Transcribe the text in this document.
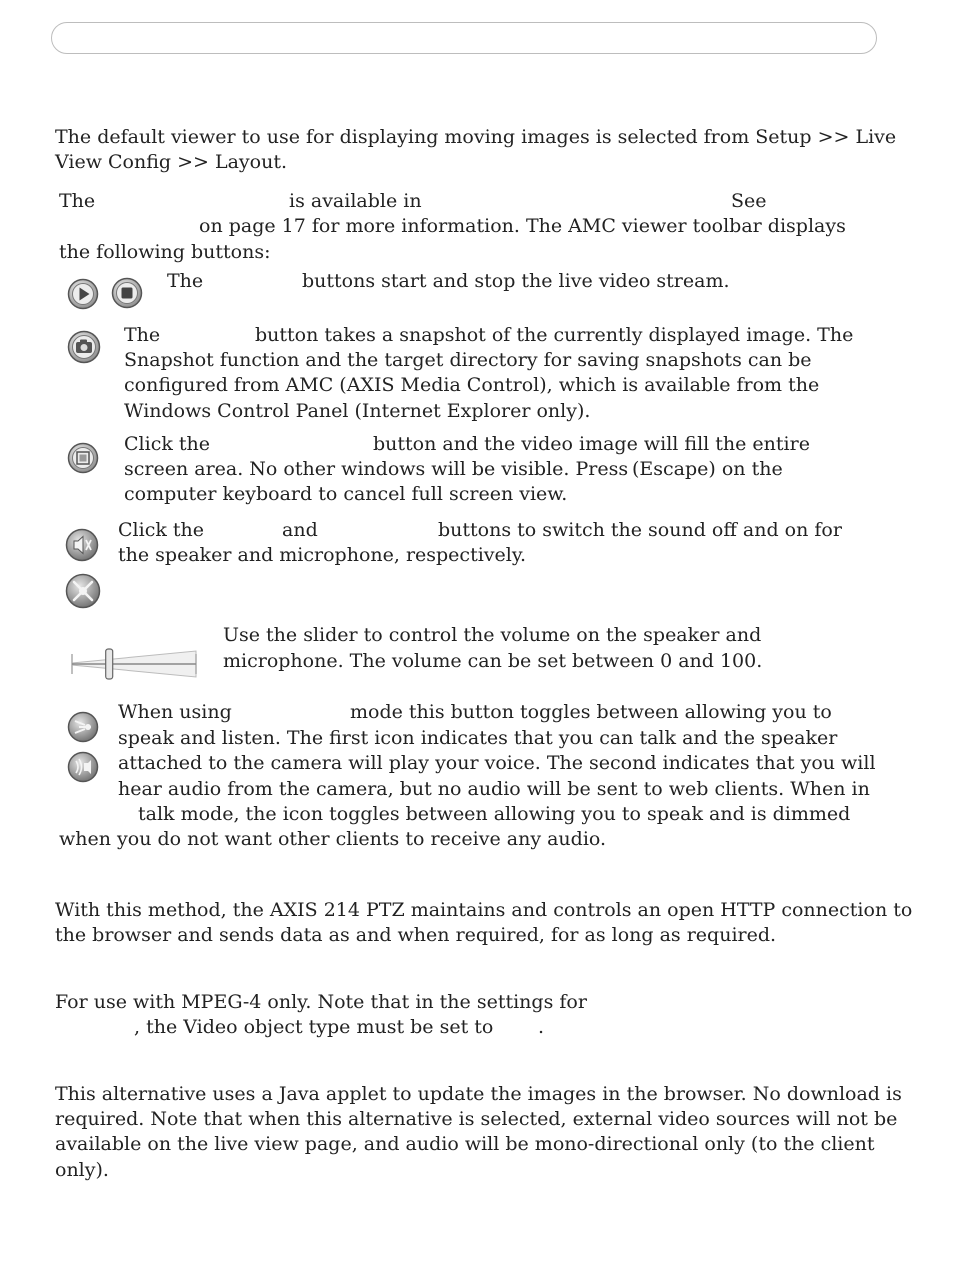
The default viewer to use for displaying moving images is selected from Setup >> Live

View Config >> Layout.

The	is available in	See

on page 17 for more information. The AMC viewer toolbar displays

the following buttons:

The	buttons start and stop the live video stream.

The	button takes a snapshot of the currently displayed image. The

Snapshot function and the target directory for saving snapshots can be

configured from AMC (AXIS Media Control), which is available from the

Windows Control Panel (Internet Explorer only).

Click the	button and the video image will fill the entire

screen area. No other windows will be visible. Press (Escape) on the

computer keyboard to cancel full screen view.

Click the	and	buttons to switch the sound off and on for

the speaker and microphone, respectively.

Use the slider to control the volume on the speaker and

microphone. The volume can be set between 0 and 100.

When using	mode this button toggles between allowing you to

speak and listen. The first icon indicates that you can talk and the speaker

attached to the camera will play your voice. The second indicates that you will

hear audio from the camera, but no audio will be sent to web clients. When in

talk mode, the icon toggles between allowing you to speak and is dimmed

when you do not want other clients to receive any audio.

With this method, the AXIS 214 PTZ maintains and controls an open HTTP connection to

the browser and sends data as and when required, for as long as required.

For use with MPEG-4 only. Note that in the settings for

, the Video object type must be set to .

This alternative uses a Java applet to update the images in the browser. No download is

required. Note that when this alternative is selected, external video sources will not be

available on the live view page, and audio will be mono-directional only (to the client

only).
